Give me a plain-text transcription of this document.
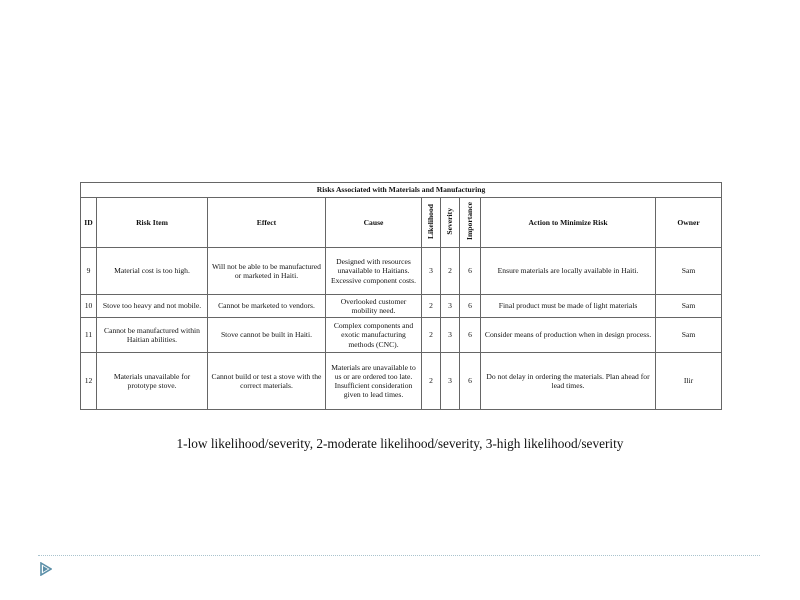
Risks Associated with Materials and Manufacturing								
ID	Risk Item	Effect	Cause	Likelihood	Severity	Importance	Action to Minimize Risk	Owner
9	Material cost is too high.	Will not be able to be manufactured or marketed in Haiti.	Designed with resources unavailable to Haitians. Excessive component costs.	3	2	6	Ensure materials are locally available in Haiti.	Sam
10	Stove too heavy and not mobile.	Cannot be marketed to vendors.	Overlooked customer mobility need.	2	3	6	Final product must be made of light materials	Sam
11	Cannot be manufactured within Haitian abilities.	Stove cannot be built in Haiti.	Complex components and exotic manufacturing methods (CNC).	2	3	6	Consider means of production when in design process.	Sam
12	Materials unavailable for prototype stove.	Cannot build or test a stove with the correct materials.	Materials are unavailable to us or are ordered too late. Insufficient consideration given to lead times.	2	3	6	Do not delay in ordering the materials. Plan ahead for lead times.	Ilir
1-low likelihood/severity, 2-moderate likelihood/severity, 3-high likelihood/severity
